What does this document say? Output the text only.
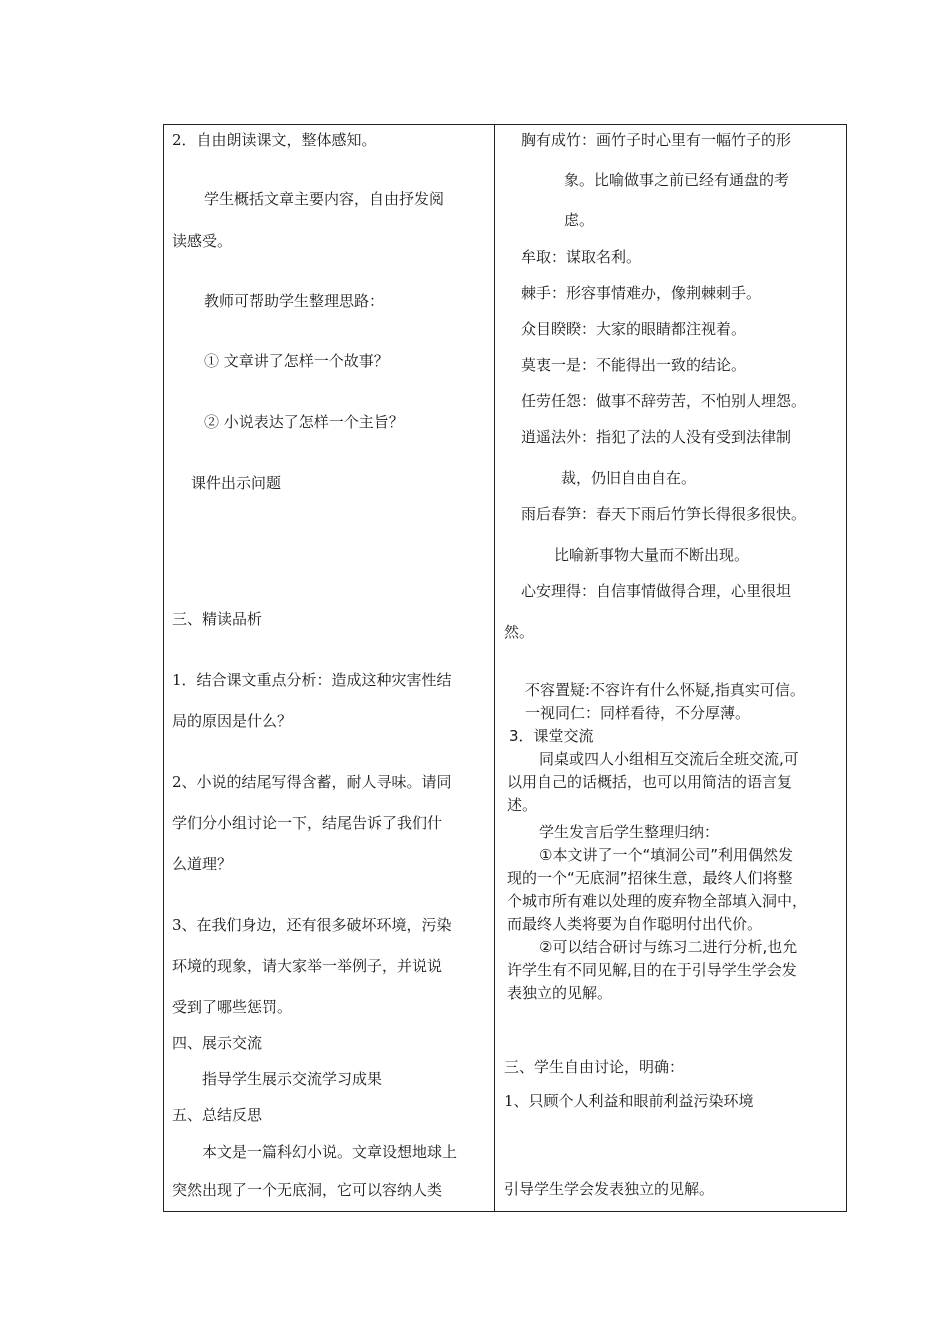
2．自由朗读课文，整体感知。
学生概括文章主要内容，自由抒发阅
读感受。
教师可帮助学生整理思路：
① 文章讲了怎样一个故事？
② 小说表达了怎样一个主旨？
课件出示问题
三、精读品析
1．结合课文重点分析：造成这种灾害性结
局的原因是什么？
2、小说的结尾写得含蓄，耐人寻味。请同
学们分小组讨论一下，结尾告诉了我们什
么道理？
3、在我们身边，还有很多破坏环境，污染
环境的现象，请大家举一举例子，并说说
受到了哪些惩罚。
四、展示交流
指导学生展示交流学习成果
五、总结反思
本文是一篇科幻小说。文章设想地球上
突然出现了一个无底洞，它可以容纳人类
胸有成竹：画竹子时心里有一幅竹子的形
象。比喻做事之前已经有通盘的考
虑。
牟取：谋取名利。
棘手：形容事情难办，像荆棘刺手。
众目睽睽：大家的眼睛都注视着。
莫衷一是：不能得出一致的结论。
任劳任怨：做事不辞劳苦，不怕别人埋怨。
逍遥法外：指犯了法的人没有受到法律制
裁，仍旧自由自在。
雨后春笋：春天下雨后竹笋长得很多很快。
比喻新事物大量而不断出现。
心安理得：自信事情做得合理，心里很坦
然。
不容置疑:不容许有什么怀疑,指真实可信。
一视同仁：同样看待，不分厚薄。
3．课堂交流
同桌或四人小组相互交流后全班交流,可
以用自己的话概括，也可以用简洁的语言复
述。
学生发言后学生整理归纳：
①本文讲了一个“填洞公司”利用偶然发
现的一个“无底洞”招徕生意，最终人们将整
个城市所有难以处理的废弃物全部填入洞中，
而最终人类将要为自作聪明付出代价。
②可以结合研讨与练习二进行分析,也允
许学生有不同见解,目的在于引导学生学会发
表独立的见解。
三、学生自由讨论，明确：
1、只顾个人利益和眼前利益污染环境
引导学生学会发表独立的见解。
